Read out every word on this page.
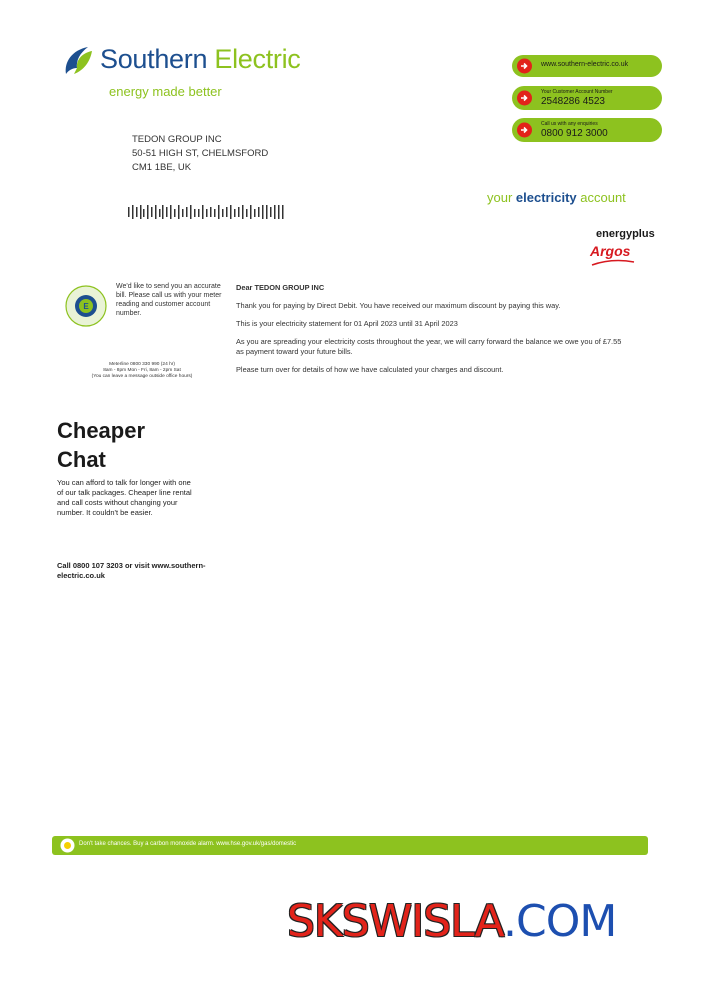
Southern Electric
energy made better
TEDON GROUP INC
50-51 HIGH ST, CHELMSFORD
CM1 1BE, UK
www.southern-electric.co.uk
Your Customer Account Number
2548286 4523
Call us with any enquiries
0800 912 3000
your electricity account
energyplus
Argos
E
We'd like to send you an accurate bill. Please call us with your meter reading and customer account number.
Meterline 0800 330 990 (24 hr)
8am - 8pm Mon - Fri, 8am - 2pm Sat
(You can leave a message outside office hours)

Dear TEDON GROUP INC

Thank you for paying by Direct Debit. You have received our maximum discount by paying this way.

This is your electricity statement for 01 April 2023 until 31 April 2023

As you are spreading your electricity costs throughout the year, we will carry forward the balance we owe you of £7.55 as payment toward your future bills.

Please turn over for details of how we have calculated your charges and discount.

Cheaper
Chat
You can afford to talk for longer with one of our talk packages. Cheaper line rental and call costs without changing your number. It couldn't be easier.
Call 0800 107 3203 or visit www.southern-electric.co.uk
Don't take chances. Buy a carbon monoxide alarm. www.hse.gov.uk/gas/domestic
SKSWISLA.COM
